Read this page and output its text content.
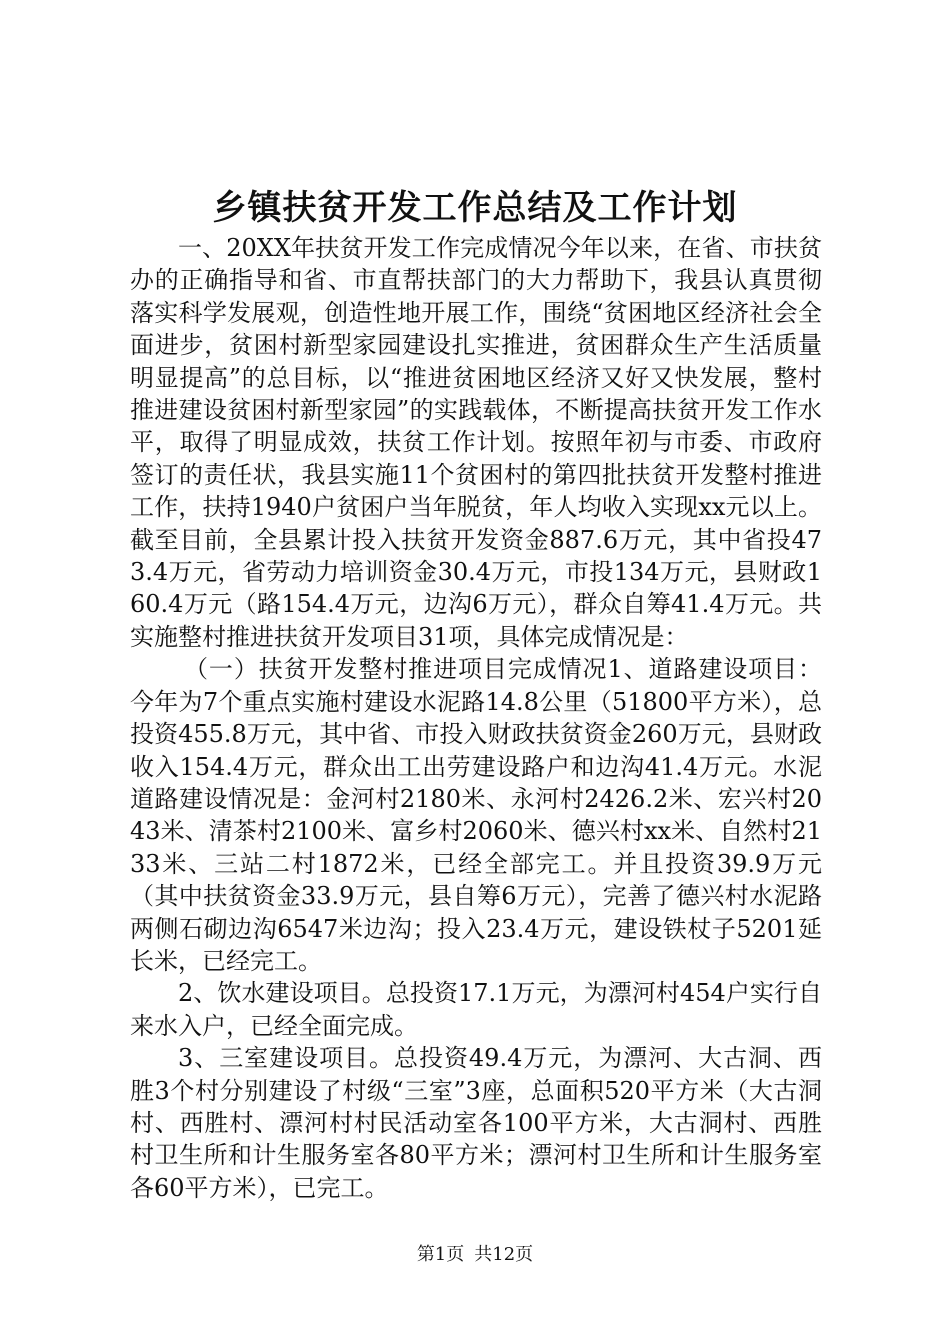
乡镇扶贫开发工作总结及工作计划

一、20XX年扶贫开发工作完成情况今年以来，在省、市扶贫办的正确指导和省、市直帮扶部门的大力帮助下，我县认真贯彻落实科学发展观，创造性地开展工作，围绕“贫困地区经济社会全面进步，贫困村新型家园建设扎实推进，贫困群众生产生活质量明显提高”的总目标，以“推进贫困地区经济又好又快发展，整村推进建设贫困村新型家园”的实践载体，不断提高扶贫开发工作水平，取得了明显成效，扶贫工作计划。按照年初与市委、市政府签订的责任状，我县实施11个贫困村的第四批扶贫开发整村推进工作，扶持1940户贫困户当年脱贫，年人均收入实现xx元以上。截至目前，全县累计投入扶贫开发资金887.6万元，其中省投473.4万元，省劳动力培训资金30.4万元，市投134万元，县财政160.4万元（路154.4万元，边沟6万元），群众自筹41.4万元。共实施整村推进扶贫开发项目31项，具体完成情况是：

（一）扶贫开发整村推进项目完成情况1、道路建设项目：今年为7个重点实施村建设水泥路14.8公里（51800平方米），总投资455.8万元，其中省、市投入财政扶贫资金260万元，县财政收入154.4万元，群众出工出劳建设路户和边沟41.4万元。水泥道路建设情况是：金河村2180米、永河村2426.2米、宏兴村2043米、清茶村2100米、富乡村2060米、德兴村xx米、自然村2133米、三站二村1872米，已经全部完工。并且投资39.9万元（其中扶贫资金33.9万元，县自筹6万元），完善了德兴村水泥路两侧石砌边沟6547米边沟；投入23.4万元，建设铁杖子5201延长米，已经完工。

2、饮水建设项目。总投资17.1万元，为漂河村454户实行自来水入户，已经全面完成。

3、三室建设项目。总投资49.4万元，为漂河、大古洞、西胜3个村分别建设了村级“三室”3座，总面积520平方米（大古洞村、西胜村、漂河村村民活动室各100平方米，大古洞村、西胜村卫生所和计生服务室各80平方米；漂河村卫生所和计生服务室各60平方米），已完工。

第1页 共12页
